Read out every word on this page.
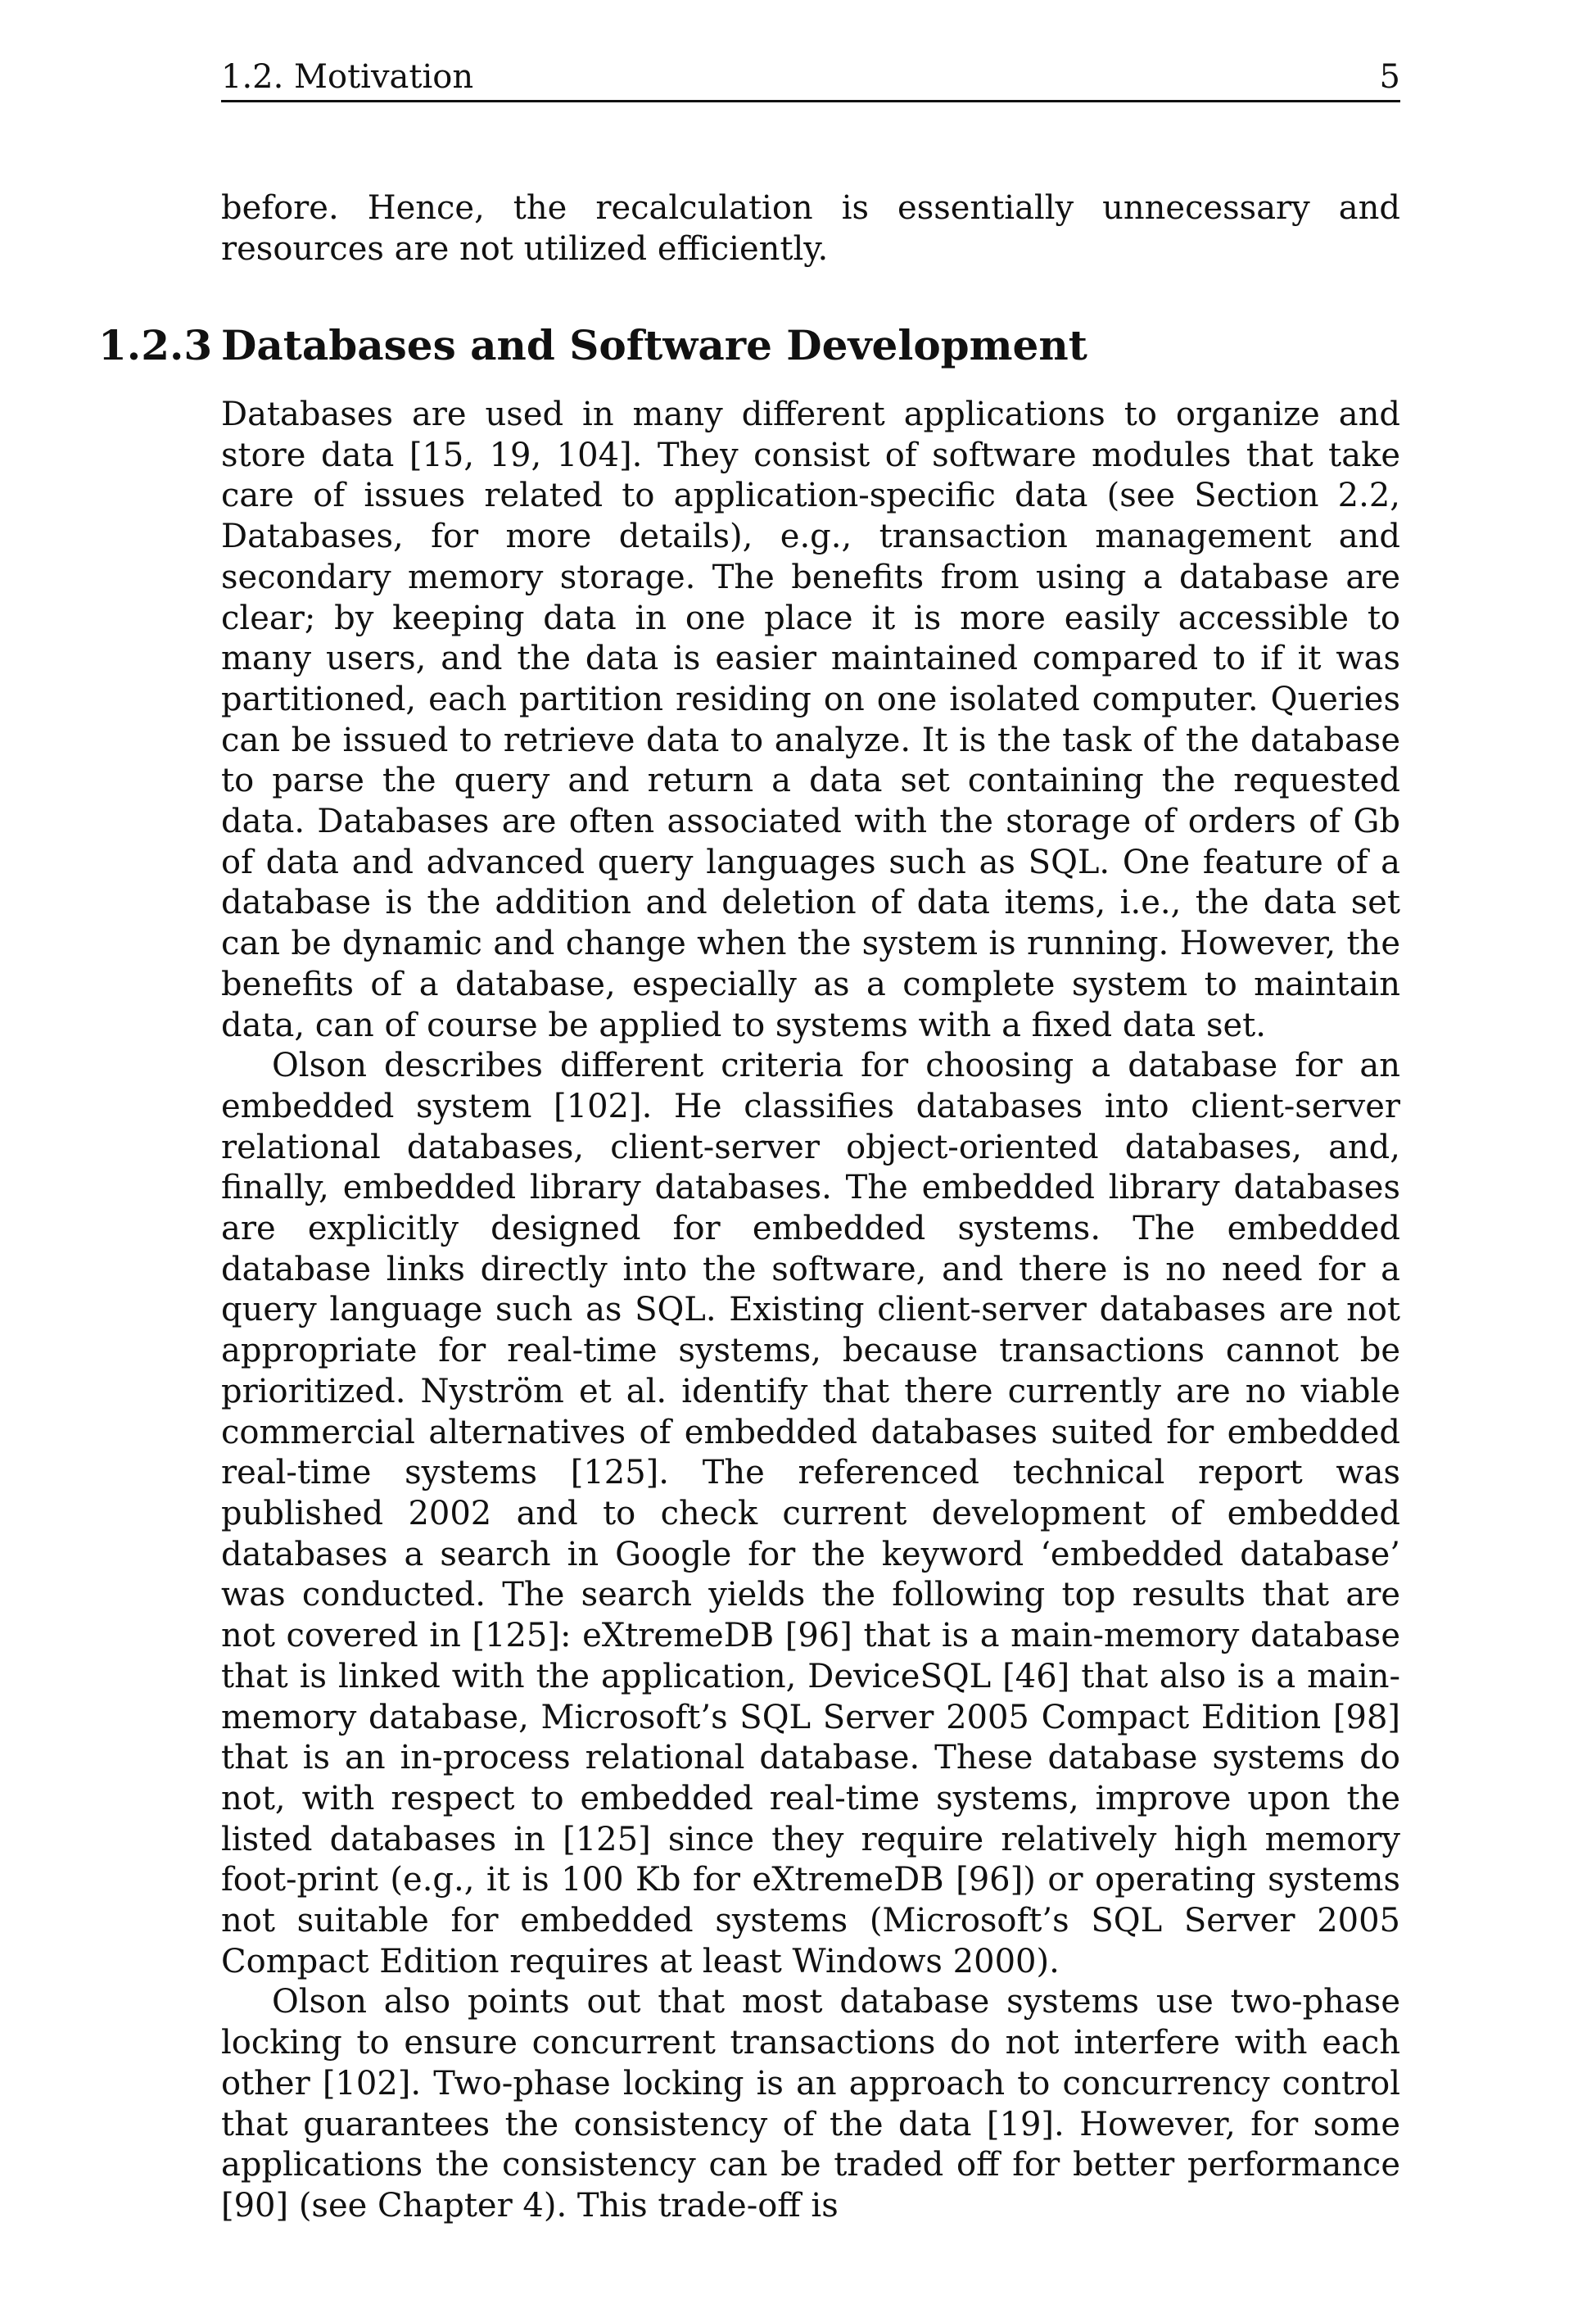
1.2. Motivation	5
before. Hence, the recalculation is essentially unnecessary and resources are not utilized efficiently.
1.2.3 Databases and Software Development

Databases are used in many different applications to organize and store data [15, 19, 104]. They consist of software modules that take care of issues related to application-specific data (see Section 2.2, Databases, for more details), e.g., transaction management and secondary memory storage. The benefits from using a database are clear; by keeping data in one place it is more easily accessible to many users, and the data is easier maintained compared to if it was partitioned, each partition residing on one isolated computer. Queries can be issued to retrieve data to analyze. It is the task of the database to parse the query and return a data set containing the requested data. Databases are often associated with the storage of orders of Gb of data and advanced query languages such as SQL. One feature of a database is the addition and deletion of data items, i.e., the data set can be dynamic and change when the system is running. However, the benefits of a database, especially as a complete system to maintain data, can of course be applied to systems with a fixed data set.

Olson describes different criteria for choosing a database for an embedded system [102]. He classifies databases into client-server relational databases, client-server object-oriented databases, and, finally, embedded library databases. The embedded library databases are explicitly designed for embedded systems. The embedded database links directly into the software, and there is no need for a query language such as SQL. Existing client-server databases are not appropriate for real-time systems, because transactions cannot be prioritized. Nyström et al. identify that there currently are no viable commercial alternatives of embedded databases suited for embedded real-time systems [125]. The referenced technical report was published 2002 and to check current development of embedded databases a search in Google for the keyword ‘embedded database’ was conducted. The search yields the following top results that are not covered in [125]: eXtremeDB [96] that is a main-memory database that is linked with the application, DeviceSQL [46] that also is a main-memory database, Microsoft’s SQL Server 2005 Compact Edition [98] that is an in-process relational database. These database systems do not, with respect to embedded real-time systems, improve upon the listed databases in [125] since they require relatively high memory foot-print (e.g., it is 100 Kb for eXtremeDB [96]) or operating systems not suitable for embedded systems (Microsoft’s SQL Server 2005 Compact Edition requires at least Windows 2000).

Olson also points out that most database systems use two-phase locking to ensure concurrent transactions do not interfere with each other [102]. Two-phase locking is an approach to concurrency control that guarantees the consistency of the data [19]. However, for some applications the consistency can be traded off for better performance [90] (see Chapter 4). This trade-off is
